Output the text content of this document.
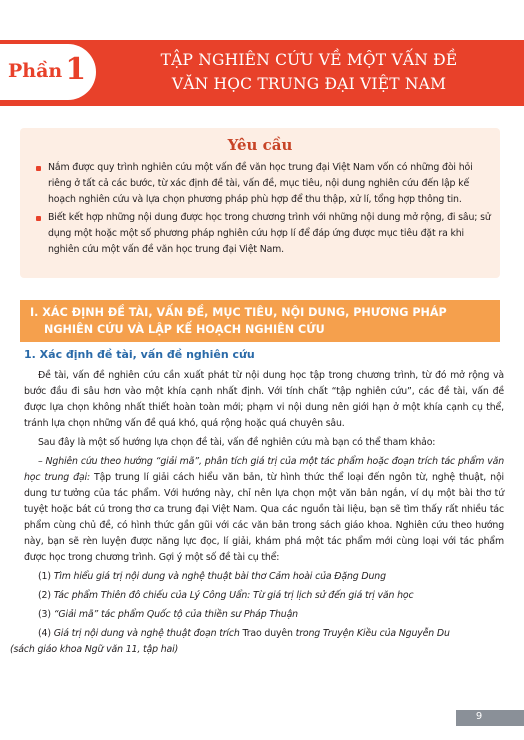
Phần 1	TẬP NGHIÊN CỨU VỀ MỘT VẤN ĐỀ
VĂN HỌC TRUNG ĐẠI VIỆT NAM
Yêu cầu
Nắm được quy trình nghiên cứu một vấn đề văn học trung đại Việt Nam vốn có những đòi hỏi riêng ở tất cả các bước, từ xác định đề tài, vấn đề, mục tiêu, nội dung nghiên cứu đến lập kế hoạch nghiên cứu và lựa chọn phương pháp phù hợp để thu thập, xử lí, tổng hợp thông tin.
Biết kết hợp những nội dung được học trong chương trình với những nội dung mở rộng, đi sâu; sử dụng một hoặc một số phương pháp nghiên cứu hợp lí để đáp ứng được mục tiêu đặt ra khi nghiên cứu một vấn đề văn học trung đại Việt Nam.
I. XÁC ĐỊNH ĐỀ TÀI, VẤN ĐỀ, MỤC TIÊU, NỘI DUNG, PHƯƠNG PHÁP
NGHIÊN CỨU VÀ LẬP KẾ HOẠCH NGHIÊN CỨU
1. Xác định đề tài, vấn đề nghiên cứu

Đề tài, vấn đề nghiên cứu cần xuất phát từ nội dung học tập trong chương trình, từ đó mở rộng và bước đầu đi sâu hơn vào một khía cạnh nhất định. Với tính chất “tập nghiên cứu”, các đề tài, vấn đề được lựa chọn không nhất thiết hoàn toàn mới; phạm vi nội dung nên giới hạn ở một khía cạnh cụ thể, tránh lựa chọn những vấn đề quá khó, quá rộng hoặc quá chuyên sâu.

Sau đây là một số hướng lựa chọn đề tài, vấn đề nghiên cứu mà bạn có thể tham khảo:

– Nghiên cứu theo hướng “giải mã”, phân tích giá trị của một tác phẩm hoặc đoạn trích tác phẩm văn học trung đại: Tập trung lí giải cách hiểu văn bản, từ hình thức thể loại đến ngôn từ, nghệ thuật, nội dung tư tưởng của tác phẩm. Với hướng này, chỉ nên lựa chọn một văn bản ngắn, ví dụ một bài thơ tứ tuyệt hoặc bát cú trong thơ ca trung đại Việt Nam. Qua các nguồn tài liệu, bạn sẽ tìm thấy rất nhiều tác phẩm cùng chủ đề, có hình thức gần gũi với các văn bản trong sách giáo khoa. Nghiên cứu theo hướng này, bạn sẽ rèn luyện được năng lực đọc, lí giải, khám phá một tác phẩm mới cùng loại với tác phẩm được học trong chương trình. Gợi ý một số đề tài cụ thể:

(1) Tìm hiểu giá trị nội dung và nghệ thuật bài thơ Cảm hoài của Đặng Dung

(2) Tác phẩm Thiên đô chiếu của Lý Công Uẩn: Từ giá trị lịch sử đến giá trị văn học

(3) “Giải mã” tác phẩm Quốc tộ của thiền sư Pháp Thuận

(4) Giá trị nội dung và nghệ thuật đoạn trích Trao duyên trong Truyện Kiều của Nguyễn Du
(sách giáo khoa Ngữ văn 11, tập hai)

9
